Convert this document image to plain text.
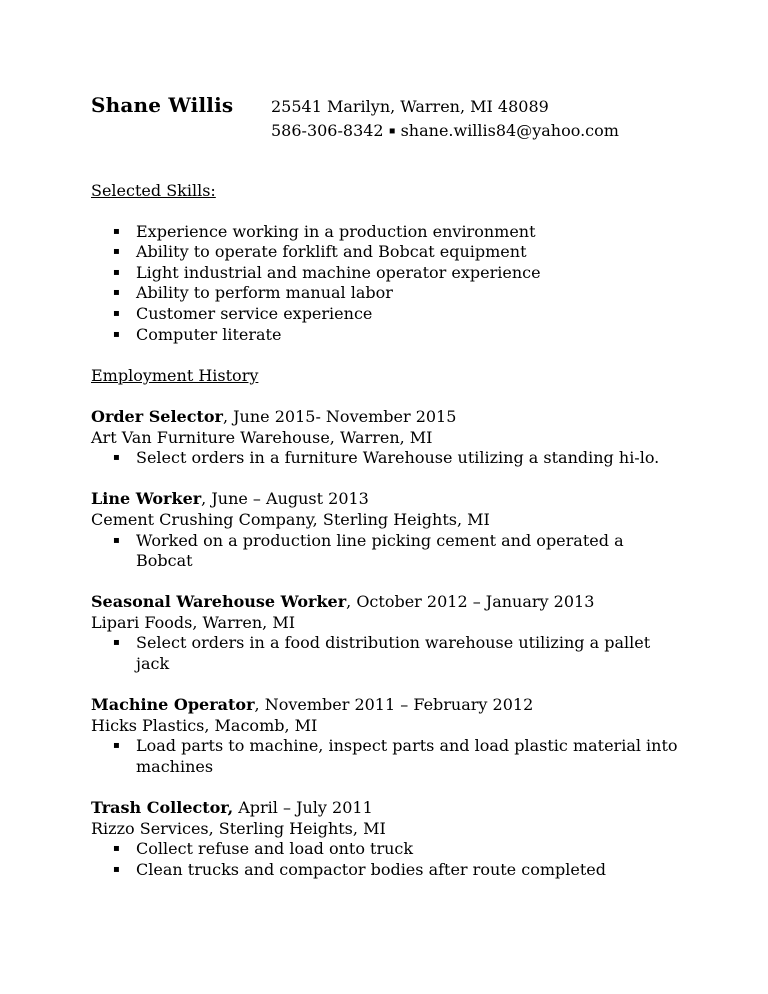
Shane Willis 25541 Marilyn, Warren, MI 48089
586-306-8342 ▪ shane.willis84@yahoo.com
Selected Skills:
▪ Experience working in a production environment
▪ Ability to operate forklift and Bobcat equipment
▪ Light industrial and machine operator experience
▪ Ability to perform manual labor
▪ Customer service experience
▪ Computer literate
Employment History
Order Selector, June 2015- November 2015
Art Van Furniture Warehouse, Warren, MI
▪ Select orders in a furniture Warehouse utilizing a standing hi-lo.
Line Worker, June – August 2013
Cement Crushing Company, Sterling Heights, MI
▪ Worked on a production line picking cement and operated a Bobcat
Seasonal Warehouse Worker, October 2012 – January 2013
Lipari Foods, Warren, MI
▪ Select orders in a food distribution warehouse utilizing a pallet jack
Machine Operator, November 2011 – February 2012
Hicks Plastics, Macomb, MI
▪ Load parts to machine, inspect parts and load plastic material into machines
Trash Collector, April – July 2011
Rizzo Services, Sterling Heights, MI
▪ Collect refuse and load onto truck
▪ Clean trucks and compactor bodies after route completed
